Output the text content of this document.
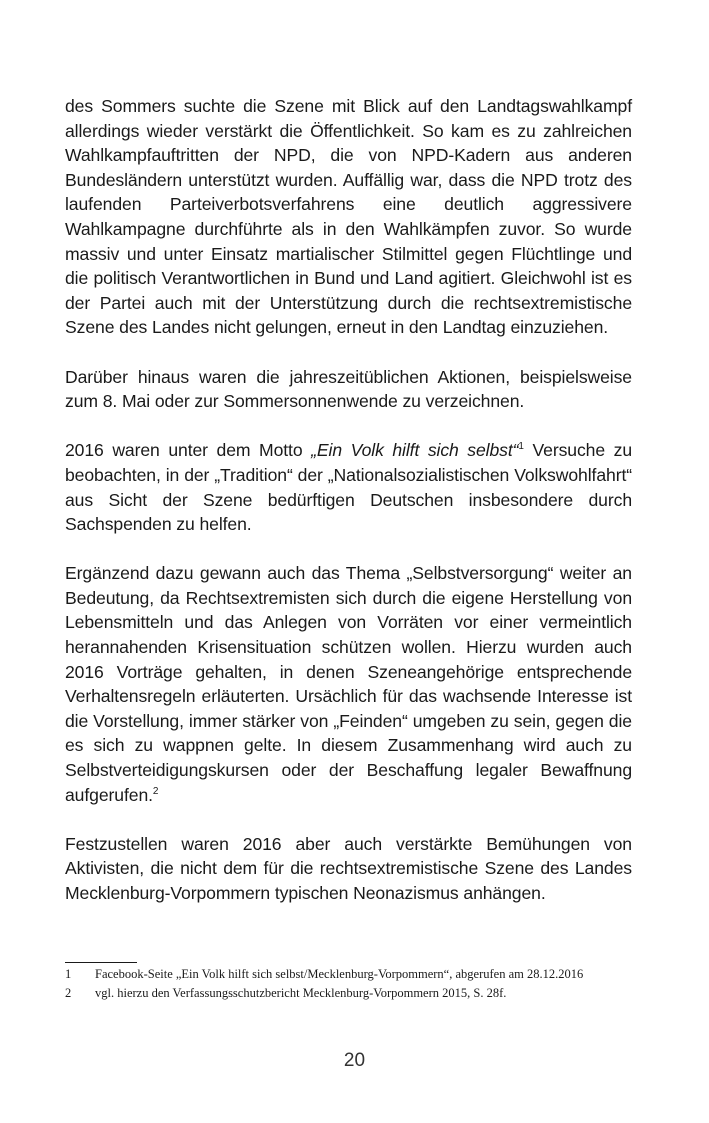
des Sommers suchte die Szene mit Blick auf den Landtagswahlkampf allerdings wieder verstärkt die Öffentlichkeit. So kam es zu zahlreichen Wahlkampfauftritten der NPD, die von NPD-Kadern aus anderen Bundesländern unterstützt wurden. Auffällig war, dass die NPD trotz des laufenden Parteiverbotsverfahrens eine deutlich aggressivere Wahlkampagne durchführte als in den Wahlkämpfen zuvor. So wurde massiv und unter Einsatz martialischer Stilmittel gegen Flüchtlinge und die politisch Verantwortlichen in Bund und Land agitiert. Gleichwohl ist es der Partei auch mit der Unterstützung durch die rechtsextremistische Szene des Landes nicht gelungen, erneut in den Landtag einzuziehen.

Darüber hinaus waren die jahreszeitüblichen Aktionen, beispielsweise zum 8. Mai oder zur Sommersonnenwende zu verzeichnen.

2016 waren unter dem Motto „Ein Volk hilft sich selbst“$^1$ Versuche zu beobachten, in der „Tradition“ der „Nationalsozialistischen Volkswohlfahrt“ aus Sicht der Szene bedürftigen Deutschen insbesondere durch Sachspenden zu helfen.

Ergänzend dazu gewann auch das Thema „Selbstversorgung“ weiter an Bedeutung, da Rechtsextremisten sich durch die eigene Herstellung von Lebensmitteln und das Anlegen von Vorräten vor einer vermeintlich herannahenden Krisensituation schützen wollen. Hierzu wurden auch 2016 Vorträge gehalten, in denen Szeneangehörige entsprechende Verhaltensregeln erläuterten. Ursächlich für das wachsende Interesse ist die Vorstellung, immer stärker von „Feinden“ umgeben zu sein, gegen die es sich zu wappnen gelte. In diesem Zusammenhang wird auch zu Selbstverteidigungskursen oder der Beschaffung legaler Bewaffnung aufgerufen.$^2$

Festzustellen waren 2016 aber auch verstärkte Bemühungen von Aktivisten, die nicht dem für die rechtsextremistische Szene des Landes Mecklenburg-Vorpommern typischen Neonazismus anhängen.

1	Facebook-Seite „Ein Volk hilft sich selbst/Mecklenburg-Vorpommern“, abgerufen am 28.12.2016
2	vgl. hierzu den Verfassungsschutzbericht Mecklenburg-Vorpommern 2015, S. 28f.
20
